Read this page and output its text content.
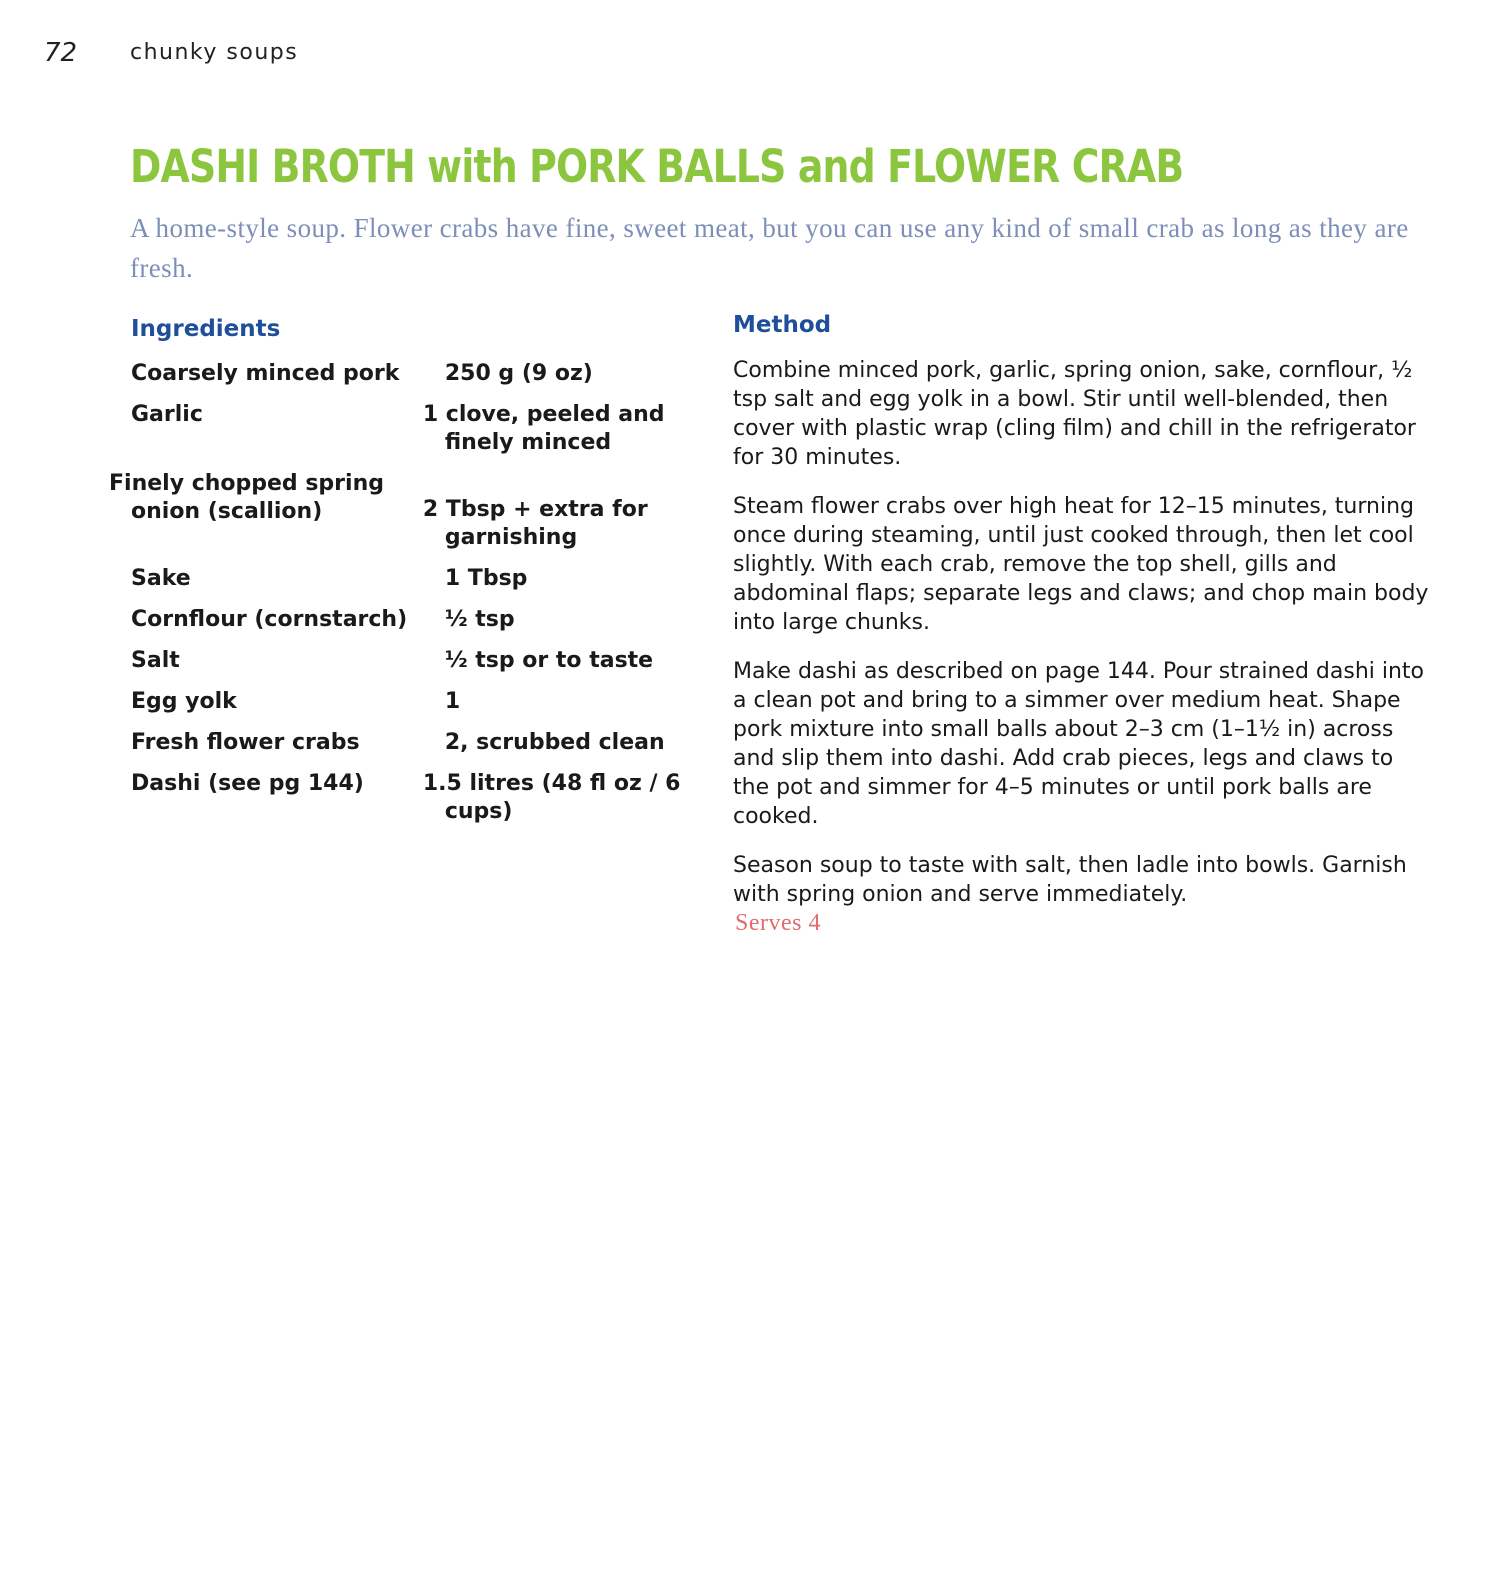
72 chunky soups
DASHI BROTH with PORK BALLS and FLOWER CRAB
A home-style soup. Flower crabs have fine, sweet meat, but you can use any kind of small crab as long as they are fresh.
Ingredients
Coarsely minced pork	250 g (9 oz)
Garlic	1 clove, peeled and finely minced
Finely chopped spring onion (scallion)	2 Tbsp + extra for garnishing
Sake	1 Tbsp
Cornflour (cornstarch)	½ tsp
Salt	½ tsp or to taste
Egg yolk	1
Fresh flower crabs	2, scrubbed clean
Dashi (see pg 144)	1.5 litres (48 fl oz / 6 cups)
Method

Combine minced pork, garlic, spring onion, sake, cornflour, ½ tsp salt and egg yolk in a bowl. Stir until well-blended, then cover with plastic wrap (cling film) and chill in the refrigerator for 30 minutes.

Steam flower crabs over high heat for 12–15 minutes, turning once during steaming, until just cooked through, then let cool slightly. With each crab, remove the top shell, gills and abdominal flaps; separate legs and claws; and chop main body into large chunks.

Make dashi as described on page 144. Pour strained dashi into a clean pot and bring to a simmer over medium heat. Shape pork mixture into small balls about 2–3 cm (1–1½ in) across and slip them into dashi. Add crab pieces, legs and claws to the pot and simmer for 4–5 minutes or until pork balls are cooked.

Season soup to taste with salt, then ladle into bowls. Garnish with spring onion and serve immediately.

Serves 4
